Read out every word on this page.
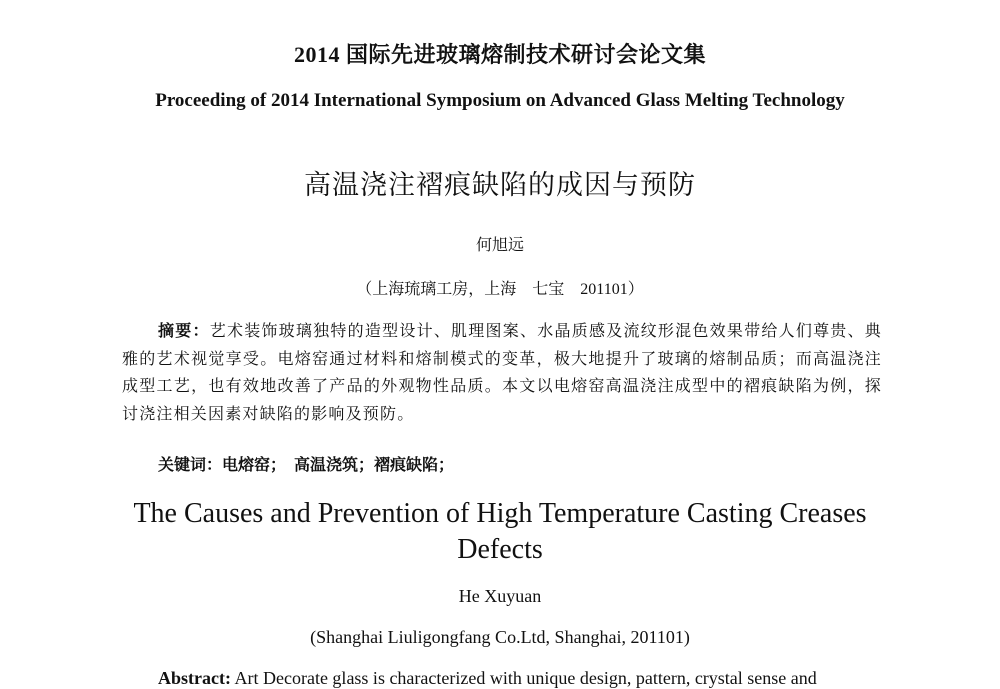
2014 国际先进玻璃熔制技术研讨会论文集
Proceeding of 2014 International Symposium on Advanced Glass Melting Technology
高温浇注褶痕缺陷的成因与预防
何旭远
（上海琉璃工房，上海　七宝　201101）
摘要：艺术装饰玻璃独特的造型设计、肌理图案、水晶质感及流纹形混色效果带给人们尊贵、典雅的艺术视觉享受。电熔窑通过材料和熔制模式的变革，极大地提升了玻璃的熔制品质；而高温浇注成型工艺，也有效地改善了产品的外观物性品质。本文以电熔窑高温浇注成型中的褶痕缺陷为例，探讨浇注相关因素对缺陷的影响及预防。
关键词：电熔窑；　高温浇筑；褶痕缺陷；
The Causes and Prevention of High Temperature Casting Creases Defects
He Xuyuan
(Shanghai Liuligongfang Co.Ltd, Shanghai, 201101)
Abstract: Art Decorate glass is characterized with unique design, pattern, crystal sense and
